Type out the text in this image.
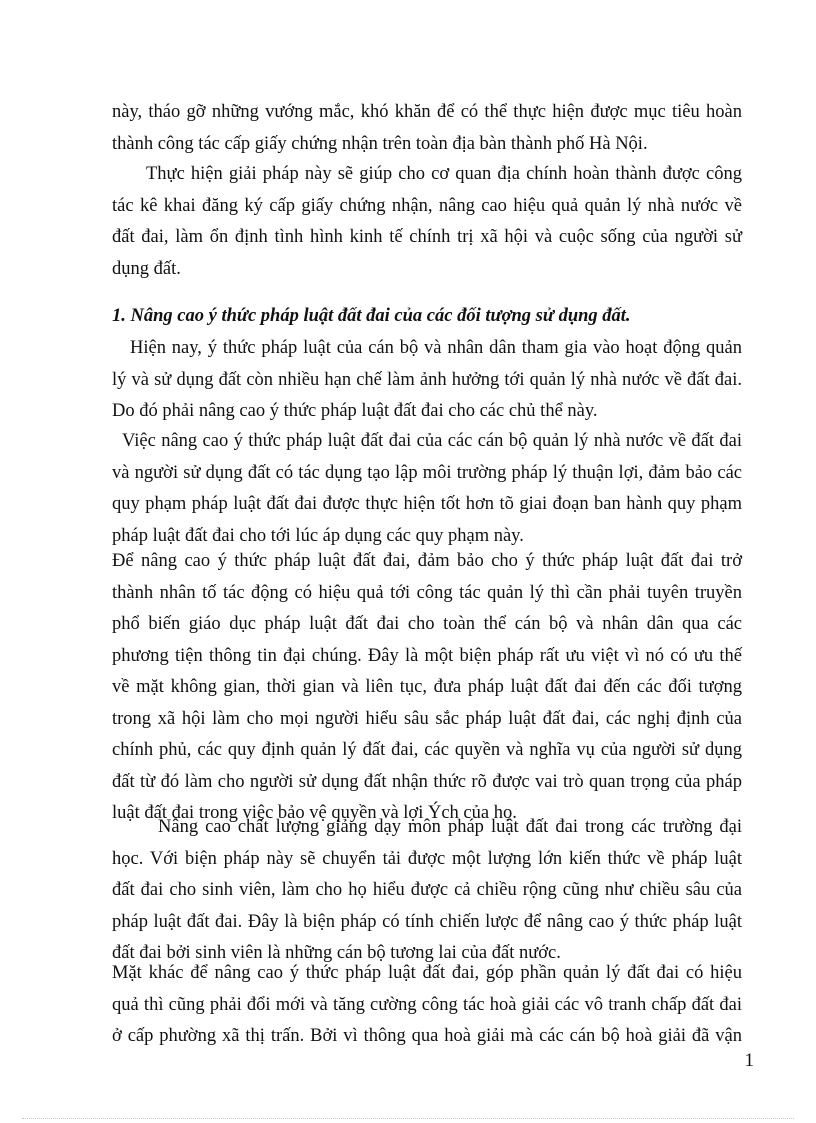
này, tháo gỡ những vướng mắc, khó khăn để có thể thực hiện được mục tiêu hoàn
thành công tác cấp giấy chứng nhận trên toàn địa bàn thành phố Hà Nội.

Thực hiện giải pháp này sẽ giúp cho cơ quan địa chính hoàn thành được công
tác kê khai đăng ký cấp giấy chứng nhận, nâng cao hiệu quả quản lý nhà nước về
đất đai, làm ổn định tình hình kinh tế chính trị xã hội và cuộc sống của người sử
dụng đất.

1. Nâng cao ý thức pháp luật đất đai của các đối tượng sử dụng đất.

Hiện nay, ý thức pháp luật của cán bộ và nhân dân tham gia vào hoạt động quản
lý và sử dụng đất còn nhiều hạn chế làm ảnh hưởng tới quản lý nhà nước về đất đai.
Do đó phải nâng cao ý thức pháp luật đất đai cho các chủ thể này.

Việc nâng cao ý thức pháp luật đất đai của các cán bộ quản lý nhà nước về đất đai
và người sử dụng đất có tác dụng tạo lập môi trường pháp lý thuận lợi, đảm bảo các
quy phạm pháp luật đất đai được thực hiện tốt hơn tõ giai đoạn ban hành quy phạm
pháp luật đất đai cho tới lúc áp dụng các quy phạm này.

Để nâng cao ý thức pháp luật đất đai, đảm bảo cho ý thức pháp luật đất đai trở
thành nhân tố tác động có hiệu quả tới công tác quản lý thì cần phải tuyên truyền
phổ biến giáo dục pháp luật đất đai cho toàn thể cán bộ và nhân dân qua các
phương tiện thông tin đại chúng. Đây là một biện pháp rất ưu việt vì nó có ưu thế
về mặt không gian, thời gian và liên tục, đưa pháp luật đất đai đến các đối tượng
trong xã hội làm cho mọi người hiểu sâu sắc pháp luật đất đai, các nghị định của
chính phủ, các quy định quản lý đất đai, các quyền và nghĩa vụ của người sử dụng
đất từ đó làm cho người sử dụng đất nhận thức rõ được vai trò quan trọng của pháp
luật đất đai trong việc bảo vệ quyền và lợi Ých của họ.

Nâng cao chất lượng giảng dạy môn pháp luật đất đai trong các trường đại
học. Với biện pháp này sẽ chuyển tải được một lượng lớn kiến thức về pháp luật
đất đai cho sinh viên, làm cho họ hiểu được cả chiều rộng cũng như chiều sâu của
pháp luật đất đai. Đây là biện pháp có tính chiến lược để nâng cao ý thức pháp luật
đất đai bởi sinh viên là những cán bộ tương lai của đất nước.

Mặt khác để nâng cao ý thức pháp luật đất đai, góp phần quản lý đất đai có hiệu
quả thì cũng phải đổi mới và tăng cường công tác hoà giải các vô tranh chấp đất đai
ở cấp phường xã thị trấn. Bởi vì thông qua hoà giải mà các cán bộ hoà giải đã vận

1
